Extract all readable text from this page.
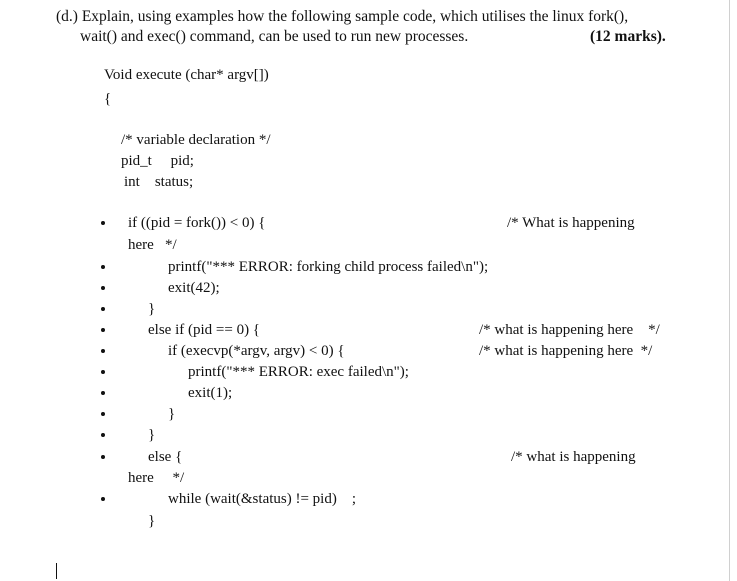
(d.) Explain, using examples how the following sample code, which utilises the linux fork(),
wait() and exec() command, can be used to run new processes.	(12 marks).
Void execute (char* argv[])
{
/* variable declaration */
pid_t     pid;
int    status;
if ((pid = fork()) < 0) {	/* What is happening
here   */
printf("*** ERROR: forking child process failed\n");
exit(42);
}
else if (pid == 0) {	/* what is happening here    */
if (execvp(*argv, argv) < 0) {	/* what is happening here  */
printf("*** ERROR: exec failed\n");
exit(1);
}
}
else {	/* what is happening
here     */
while (wait(&status) != pid)    ;
}
